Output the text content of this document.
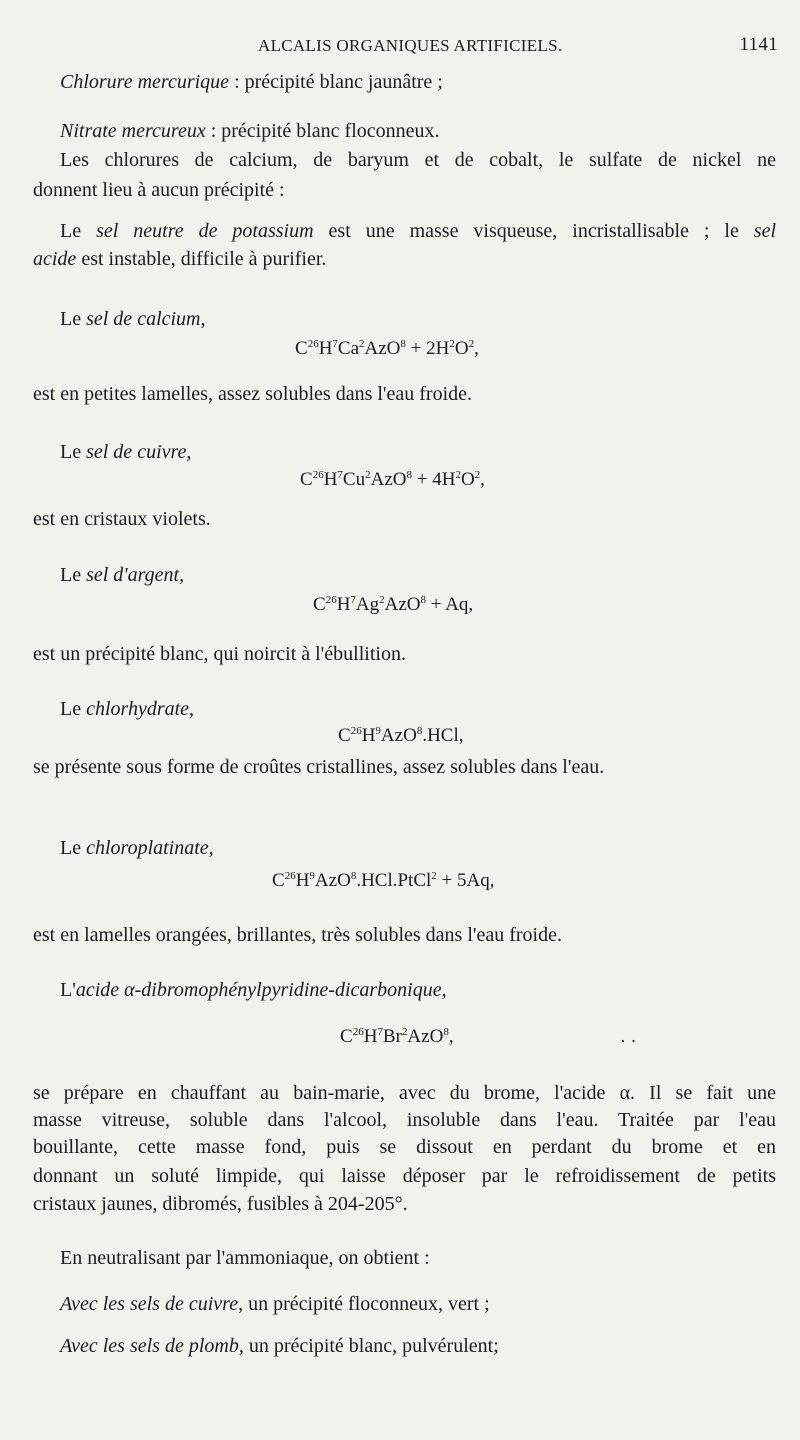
ALCALIS ORGANIQUES ARTIFICIELS.	1141
Chlorure mercurique : précipité blanc jaunâtre ;
Nitrate mercureux : précipité blanc floconneux.
Les chlorures de calcium, de baryum et de cobalt, le sulfate de nickel ne
donnent lieu à aucun précipité :
Le sel neutre de potassium est une masse visqueuse, incristallisable ; le sel
acide est instable, difficile à purifier.
Le sel de calcium,
$C^{26}H^7Ca^2AzO^8 + 2H^2O^2$,
est en petites lamelles, assez solubles dans l'eau froide.
Le sel de cuivre,
$C^{26}H^7Cu^2AzO^8 + 4H^2O^2$,
est en cristaux violets.
Le sel d'argent,
$C^{26}H^7Ag^2AzO^8 + Aq$,
est un précipité blanc, qui noircit à l'ébullition.
Le chlorhydrate,
$C^{26}H^9AzO^8.HCl$,
se présente sous forme de croûtes cristallines, assez solubles dans l'eau.
Le chloroplatinate,
$C^{26}H^9AzO^8.HCl.PtCl^2 + 5Aq$,
est en lamelles orangées, brillantes, très solubles dans l'eau froide.
L'acide α-dibromophénylpyridine-dicarbonique,
$C^{26}H^7Br^2AzO^8$,	· ·
se prépare en chauffant au bain-marie, avec du brome, l'acide α. Il se fait une
masse vitreuse, soluble dans l'alcool, insoluble dans l'eau. Traitée par l'eau
bouillante, cette masse fond, puis se dissout en perdant du brome et en
donnant un soluté limpide, qui laisse déposer par le refroidissement de petits
cristaux jaunes, dibromés, fusibles à 204-205°.
En neutralisant par l'ammoniaque, on obtient :
Avec les sels de cuivre, un précipité floconneux, vert ;
Avec les sels de plomb, un précipité blanc, pulvérulent;
